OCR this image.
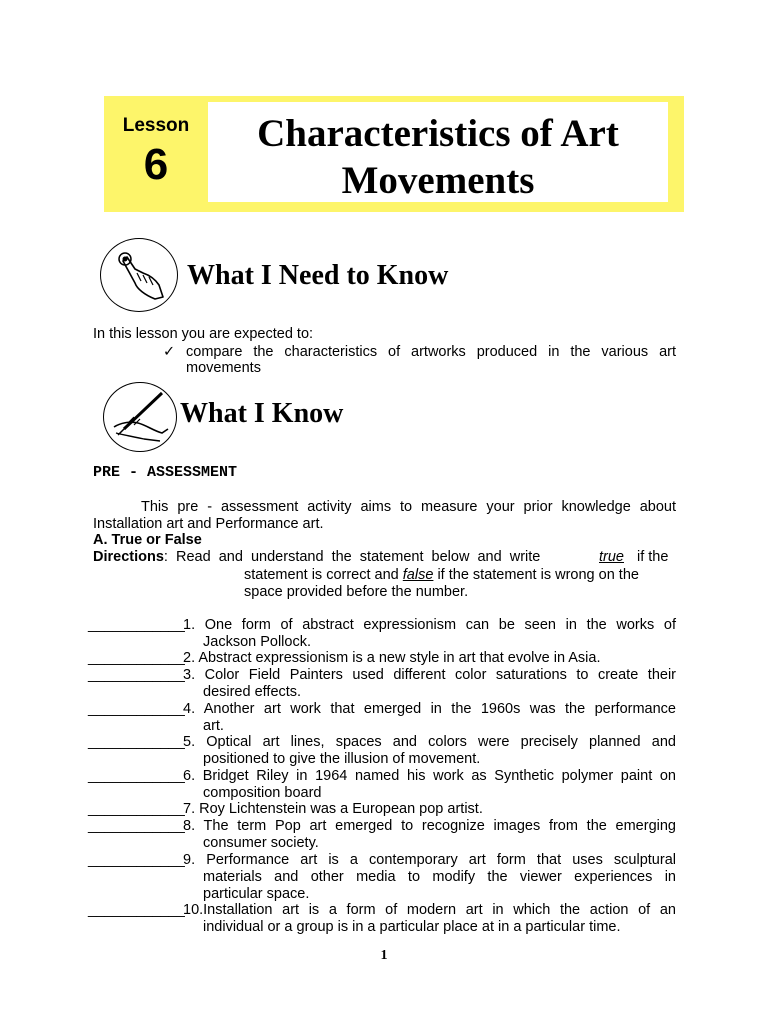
Lesson
6
Characteristics of Art
Movements
What I Need to Know
In this lesson you are expected to:
✓ compare the characteristics of artworks produced in the various art
movements
What I Know
PRE - ASSESSMENT
This pre - assessment activity aims to measure your prior knowledge about
Installation art and Performance art.
A. True or False
Directions:  Read  and  understand  the  statement  below  and  write	true if the
statement is correct and false if the statement is wrong on the
space provided before the number.
____________
1. One form of abstract expressionism can be seen in the works of
Jackson Pollock.
____________
2. Abstract expressionism is a new style in art that evolve in Asia.
____________
3. Color Field Painters used different color saturations to create their
desired effects.
____________
4. Another art work that emerged in the 1960s was the performance
art.
____________
5. Optical art lines, spaces and colors were precisely planned and
positioned to give the illusion of movement.
____________
6. Bridget Riley in 1964 named his work as Synthetic polymer paint on
composition board
____________
7. Roy Lichtenstein was a European pop artist.
____________
8. The term Pop art emerged to recognize images from the emerging
consumer society.
____________
9. Performance art is a contemporary art form that uses sculptural
materials and other media to modify the viewer experiences in
particular space.
____________
10.Installation art is a form of modern art in which the action of an
individual or a group is in a particular place at in a particular time.
1
